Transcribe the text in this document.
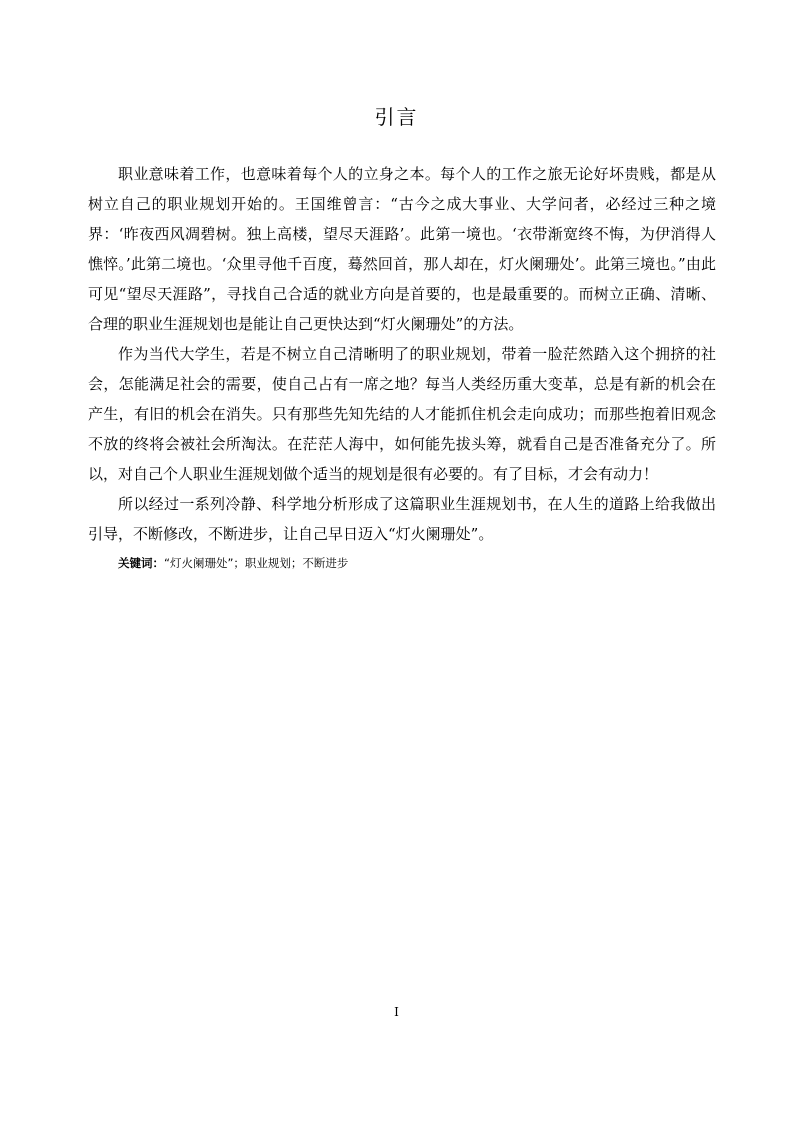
引言

职业意味着工作，也意味着每个人的立身之本。每个人的工作之旅无论好坏贵贱，都是从树立自己的职业规划开始的。王国维曾言：“古今之成大事业、大学问者，必经过三种之境界：‘昨夜西风凋碧树。独上高楼，望尽天涯路’。此第一境也。‘衣带渐宽终不悔，为伊消得人憔悴。’此第二境也。‘众里寻他千百度，蓦然回首，那人却在，灯火阑珊处’。此第三境也。”由此可见“望尽天涯路”，寻找自己合适的就业方向是首要的，也是最重要的。而树立正确、清晰、合理的职业生涯规划也是能让自己更快达到“灯火阑珊处”的方法。

作为当代大学生，若是不树立自己清晰明了的职业规划，带着一脸茫然踏入这个拥挤的社会，怎能满足社会的需要，使自己占有一席之地？每当人类经历重大变革，总是有新的机会在产生，有旧的机会在消失。只有那些先知先结的人才能抓住机会走向成功；而那些抱着旧观念不放的终将会被社会所淘汰。在茫茫人海中，如何能先拔头筹，就看自己是否准备充分了。所以，对自己个人职业生涯规划做个适当的规划是很有必要的。有了目标，才会有动力！

所以经过一系列冷静、科学地分析形成了这篇职业生涯规划书，在人生的道路上给我做出引导，不断修改，不断进步，让自己早日迈入“灯火阑珊处”。

关键词：“灯火阑珊处”；职业规划；不断进步
I
